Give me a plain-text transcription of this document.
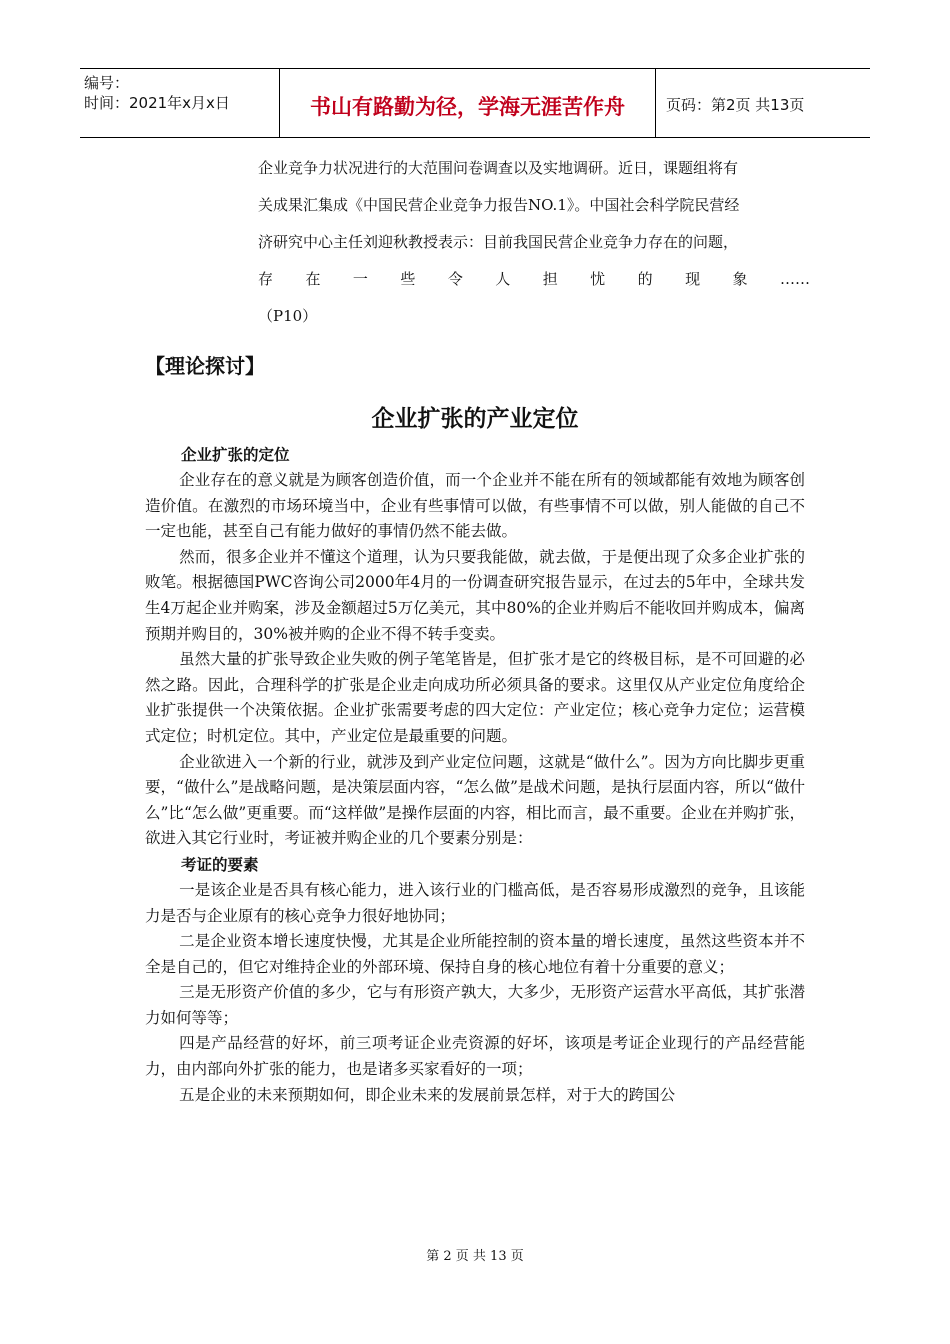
编号：
时间：2021年x月x日	书山有路勤为径，学海无涯苦作舟	页码：第2页 共13页
企业竞争力状况进行的大范围问卷调查以及实地调研。近日，课题组将有
关成果汇集成《中国民营企业竞争力报告NO.1》。中国社会科学院民营经
济研究中心主任刘迎秋教授表示：目前我国民营企业竞争力存在的问题，
存在一些令人担忧的现象……
（P10）
【理论探讨】
企业扩张的产业定位
企业扩张的定位

企业存在的意义就是为顾客创造价值，而一个企业并不能在所有的领域都能有效地为顾客创造价值。在激烈的市场环境当中，企业有些事情可以做，有些事情不可以做，别人能做的自己不一定也能，甚至自己有能力做好的事情仍然不能去做。

然而，很多企业并不懂这个道理，认为只要我能做，就去做，于是便出现了众多企业扩张的败笔。根据德国PWC咨询公司2000年4月的一份调查研究报告显示，在过去的5年中，全球共发生4万起企业并购案，涉及金额超过5万亿美元，其中80%的企业并购后不能收回并购成本，偏离预期并购目的，30%被并购的企业不得不转手变卖。

虽然大量的扩张导致企业失败的例子笔笔皆是，但扩张才是它的终极目标，是不可回避的必然之路。因此，合理科学的扩张是企业走向成功所必须具备的要求。这里仅从产业定位角度给企业扩张提供一个决策依据。企业扩张需要考虑的四大定位：产业定位；核心竞争力定位；运营模式定位；时机定位。其中，产业定位是最重要的问题。

企业欲进入一个新的行业，就涉及到产业定位问题，这就是“做什么”。因为方向比脚步更重要，“做什么”是战略问题，是决策层面内容，“怎么做”是战术问题，是执行层面内容，所以“做什么”比“怎么做”更重要。而“这样做”是操作层面的内容，相比而言，最不重要。企业在并购扩张，欲进入其它行业时，考证被并购企业的几个要素分别是：

考证的要素

一是该企业是否具有核心能力，进入该行业的门槛高低，是否容易形成激烈的竞争，且该能力是否与企业原有的核心竞争力很好地协同；

二是企业资本增长速度快慢，尤其是企业所能控制的资本量的增长速度，虽然这些资本并不全是自己的，但它对维持企业的外部环境、保持自身的核心地位有着十分重要的意义；

三是无形资产价值的多少，它与有形资产孰大，大多少，无形资产运营水平高低，其扩张潜力如何等等；

四是产品经营的好坏，前三项考证企业壳资源的好坏，该项是考证企业现行的产品经营能力，由内部向外扩张的能力，也是诸多买家看好的一项；

五是企业的未来预期如何，即企业未来的发展前景怎样，对于大的跨国公

第 2 页 共 13 页
